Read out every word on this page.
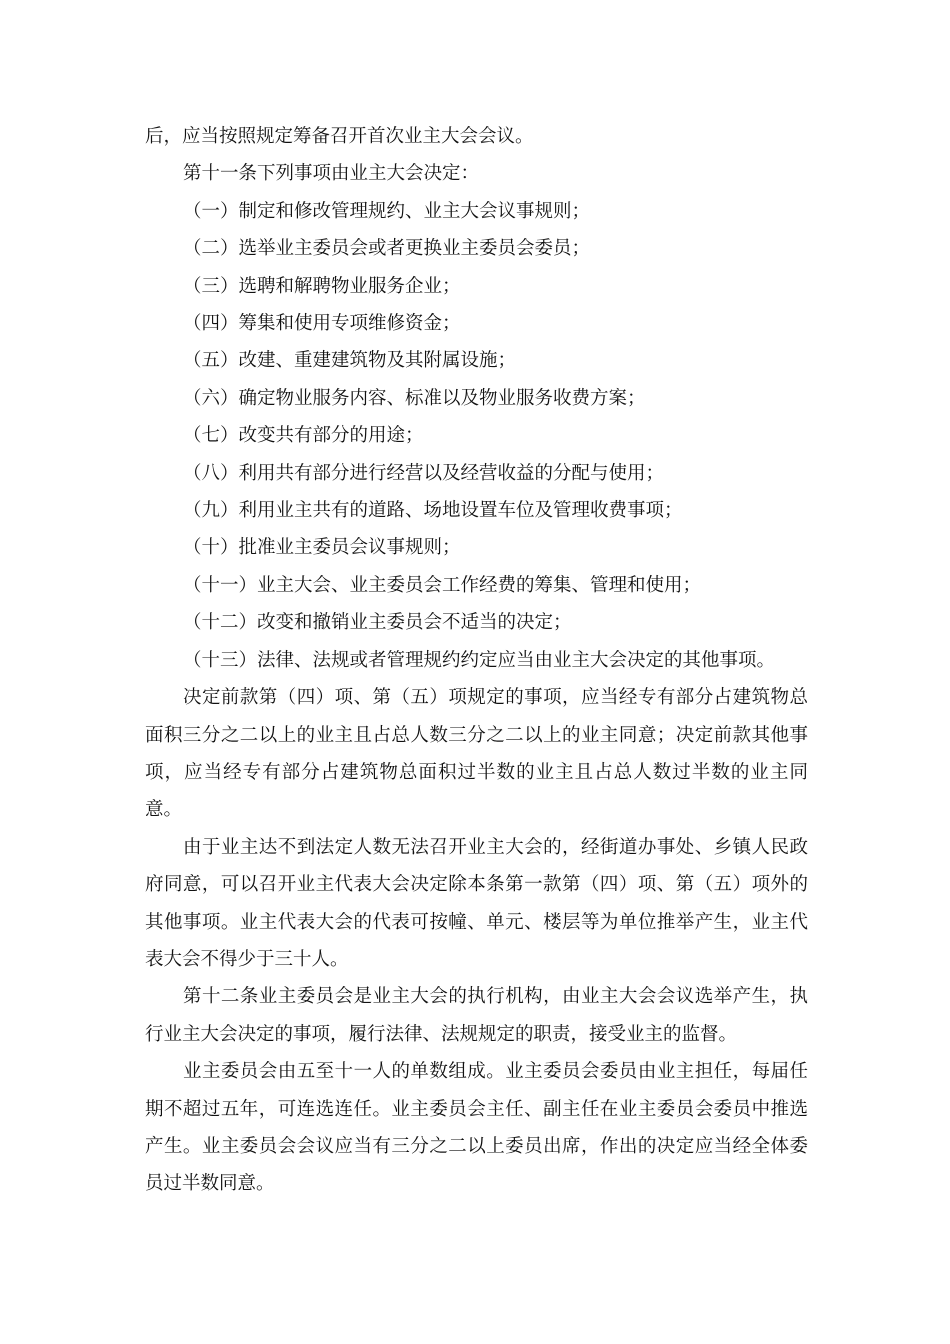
后，应当按照规定筹备召开首次业主大会会议。
第十一条下列事项由业主大会决定：
（一）制定和修改管理规约、业主大会议事规则；
（二）选举业主委员会或者更换业主委员会委员；
（三）选聘和解聘物业服务企业；
（四）筹集和使用专项维修资金；
（五）改建、重建建筑物及其附属设施；
（六）确定物业服务内容、标准以及物业服务收费方案；
（七）改变共有部分的用途；
（八）利用共有部分进行经营以及经营收益的分配与使用；
（九）利用业主共有的道路、场地设置车位及管理收费事项；
（十）批准业主委员会议事规则；
（十一）业主大会、业主委员会工作经费的筹集、管理和使用；
（十二）改变和撤销业主委员会不适当的决定；
（十三）法律、法规或者管理规约约定应当由业主大会决定的其他事项。

决定前款第（四）项、第（五）项规定的事项，应当经专有部分占建筑物总面积三分之二以上的业主且占总人数三分之二以上的业主同意；决定前款其他事项，应当经专有部分占建筑物总面积过半数的业主且占总人数过半数的业主同意。

由于业主达不到法定人数无法召开业主大会的，经街道办事处、乡镇人民政府同意，可以召开业主代表大会决定除本条第一款第（四）项、第（五）项外的其他事项。业主代表大会的代表可按幢、单元、楼层等为单位推举产生，业主代表大会不得少于三十人。

第十二条业主委员会是业主大会的执行机构，由业主大会会议选举产生，执行业主大会决定的事项，履行法律、法规规定的职责，接受业主的监督。

业主委员会由五至十一人的单数组成。业主委员会委员由业主担任，每届任期不超过五年，可连选连任。业主委员会主任、副主任在业主委员会委员中推选产生。业主委员会会议应当有三分之二以上委员出席，作出的决定应当经全体委员过半数同意。
